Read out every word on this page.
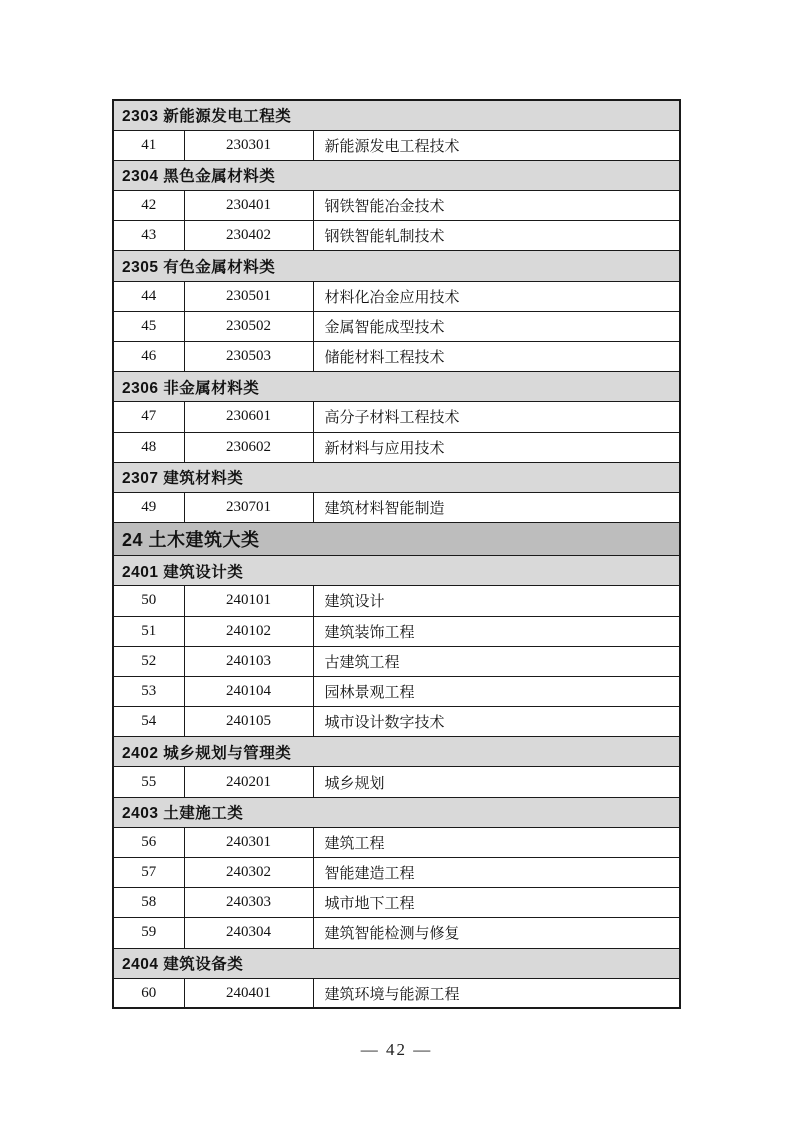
2303 新能源发电工程类		
41	230301	新能源发电工程技术
2304 黑色金属材料类		
42	230401	钢铁智能冶金技术
43	230402	钢铁智能轧制技术
2305 有色金属材料类		
44	230501	材料化冶金应用技术
45	230502	金属智能成型技术
46	230503	储能材料工程技术
2306 非金属材料类		
47	230601	高分子材料工程技术
48	230602	新材料与应用技术
2307 建筑材料类		
49	230701	建筑材料智能制造
24 土木建筑大类		
2401 建筑设计类		
50	240101	建筑设计
51	240102	建筑装饰工程
52	240103	古建筑工程
53	240104	园林景观工程
54	240105	城市设计数字技术
2402 城乡规划与管理类		
55	240201	城乡规划
2403 土建施工类		
56	240301	建筑工程
57	240302	智能建造工程
58	240303	城市地下工程
59	240304	建筑智能检测与修复
2404 建筑设备类		
60	240401	建筑环境与能源工程
— 42 —
